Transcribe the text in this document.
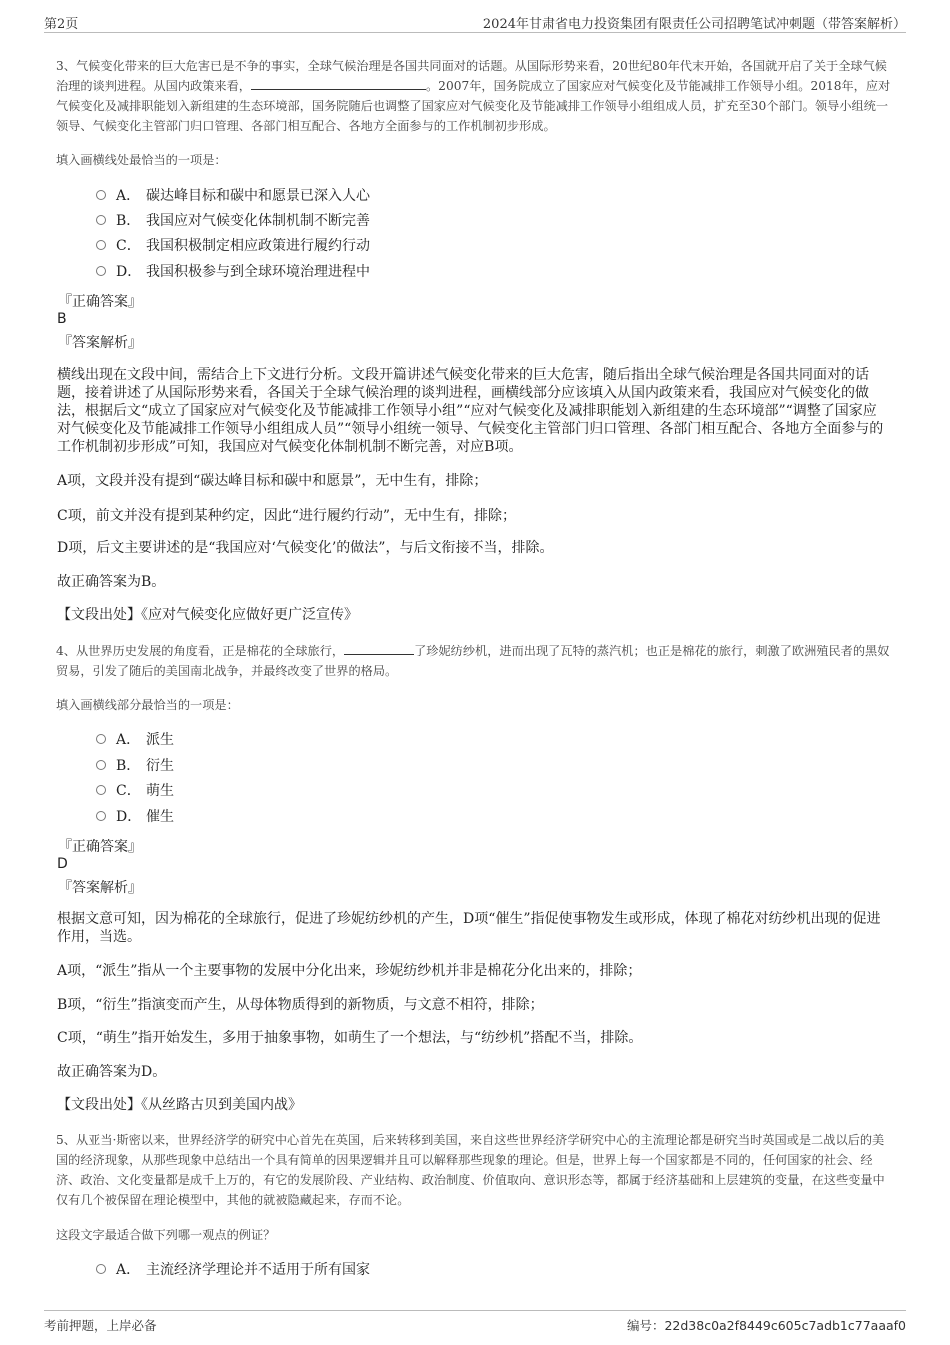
第2页	2024年甘肃省电力投资集团有限责任公司招聘笔试冲刺题（带答案解析）
3、气候变化带来的巨大危害已是不争的事实，全球气候治理是各国共同面对的话题。从国际形势来看，20世纪80年代末开始，各国就开启了关于全球气候治理的谈判进程。从国内政策来看，	。2007年，国务院成立了国家应对气候变化及节能减排工作领导小组。2018年，应对气候变化及减排职能划入新组建的生态环境部，国务院随后也调整了国家应对气候变化及节能减排工作领导小组组成人员，扩充至30个部门。领导小组统一领导、气候变化主管部门归口管理、各部门相互配合、各地方全面参与的工作机制初步形成。
填入画横线处最恰当的一项是：
A． 碳达峰目标和碳中和愿景已深入人心
B． 我国应对气候变化体制机制不断完善
C． 我国积极制定相应政策进行履约行动
D． 我国积极参与到全球环境治理进程中
『正确答案』
B
『答案解析』
横线出现在文段中间，需结合上下文进行分析。文段开篇讲述气候变化带来的巨大危害，随后指出全球气候治理是各国共同面对的话题，接着讲述了从国际形势来看，各国关于全球气候治理的谈判进程，画横线部分应该填入从国内政策来看，我国应对气候变化的做法，根据后文“成立了国家应对气候变化及节能减排工作领导小组”“应对气候变化及减排职能划入新组建的生态环境部”“调整了国家应对气候变化及节能减排工作领导小组组成人员”“领导小组统一领导、气候变化主管部门归口管理、各部门相互配合、各地方全面参与的工作机制初步形成”可知，我国应对气候变化体制机制不断完善，对应B项。
A项，文段并没有提到“碳达峰目标和碳中和愿景”，无中生有，排除；
C项，前文并没有提到某种约定，因此“进行履约行动”，无中生有，排除；
D项，后文主要讲述的是“我国应对‘气候变化’的做法”，与后文衔接不当，排除。
故正确答案为B。
【文段出处】《应对气候变化应做好更广泛宣传》
4、从世界历史发展的角度看，正是棉花的全球旅行，	了珍妮纺纱机，进而出现了瓦特的蒸汽机；也正是棉花的旅行，刺激了欧洲殖民者的黑奴贸易，引发了随后的美国南北战争，并最终改变了世界的格局。
填入画横线部分最恰当的一项是：
A． 派生
B． 衍生
C． 萌生
D． 催生
『正确答案』
D
『答案解析』
根据文意可知，因为棉花的全球旅行，促进了珍妮纺纱机的产生，D项“催生”指促使事物发生或形成，体现了棉花对纺纱机出现的促进作用，当选。
A项，“派生”指从一个主要事物的发展中分化出来，珍妮纺纱机并非是棉花分化出来的，排除；
B项，“衍生”指演变而产生，从母体物质得到的新物质，与文意不相符，排除；
C项，“萌生”指开始发生，多用于抽象事物，如萌生了一个想法，与“纺纱机”搭配不当，排除。
故正确答案为D。
【文段出处】《从丝路古贝到美国内战》
5、从亚当·斯密以来，世界经济学的研究中心首先在英国，后来转移到美国，来自这些世界经济学研究中心的主流理论都是研究当时英国或是二战以后的美国的经济现象，从那些现象中总结出一个具有简单的因果逻辑并且可以解释那些现象的理论。但是，世界上每一个国家都是不同的，任何国家的社会、经济、政治、文化变量都是成千上万的，有它的发展阶段、产业结构、政治制度、价值取向、意识形态等，都属于经济基础和上层建筑的变量，在这些变量中仅有几个被保留在理论模型中，其他的就被隐藏起来，存而不论。
这段文字最适合做下列哪一观点的例证？
A． 主流经济学理论并不适用于所有国家
考前押题，上岸必备	编号：22d38c0a2f8449c605c7adb1c77aaaf0
